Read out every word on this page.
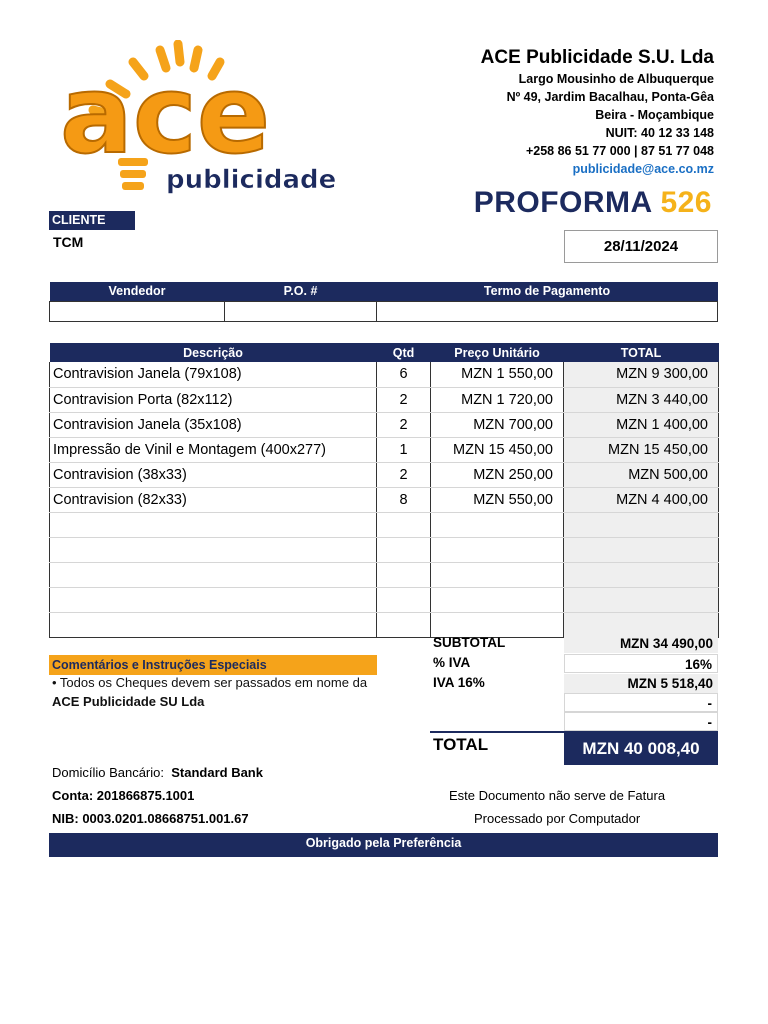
ace
publicidade
ACE Publicidade S.U. Lda
Largo Mousinho de Albuquerque
Nº 49, Jardim Bacalhau, Ponta-Gêa
Beira - Moçambique
NUIT: 40 12 33 148
+258 86 51 77 000 | 87 51 77 048
publicidade@ace.co.mz
PROFORMA 526
CLIENTE
TCM	28/11/2024
Vendedor	P.O. #	Termo de Pagamento

Descrição	Qtd	Preço Unitário	TOTAL
Contravision Janela (79x108)	6	MZN 1 550,00	MZN 9 300,00
Contravision Porta (82x112)	2	MZN 1 720,00	MZN 3 440,00
Contravision Janela (35x108)	2	MZN 700,00	MZN 1 400,00
Impressão de Vinil e Montagem (400x277)	1	MZN 15 450,00	MZN 15 450,00
Contravision (38x33)	2	MZN 250,00	MZN 500,00
Contravision (82x33)	8	MZN 550,00	MZN 4 400,00

SUBTOTAL	MZN 34 490,00
% IVA	16%
IVA 16%	MZN 5 518,40
-
-
TOTAL	MZN 40 008,40
Comentários e Instruções Especiais
• Todos os Cheques devem ser passados em nome da ACE Publicidade SU Lda
Domicílio Bancário: Standard Bank
Conta: 201866875.1001
NIB: 0003.0201.08668751.001.67
Este Documento não serve de Fatura
Processado por Computador
Obrigado pela Preferência
